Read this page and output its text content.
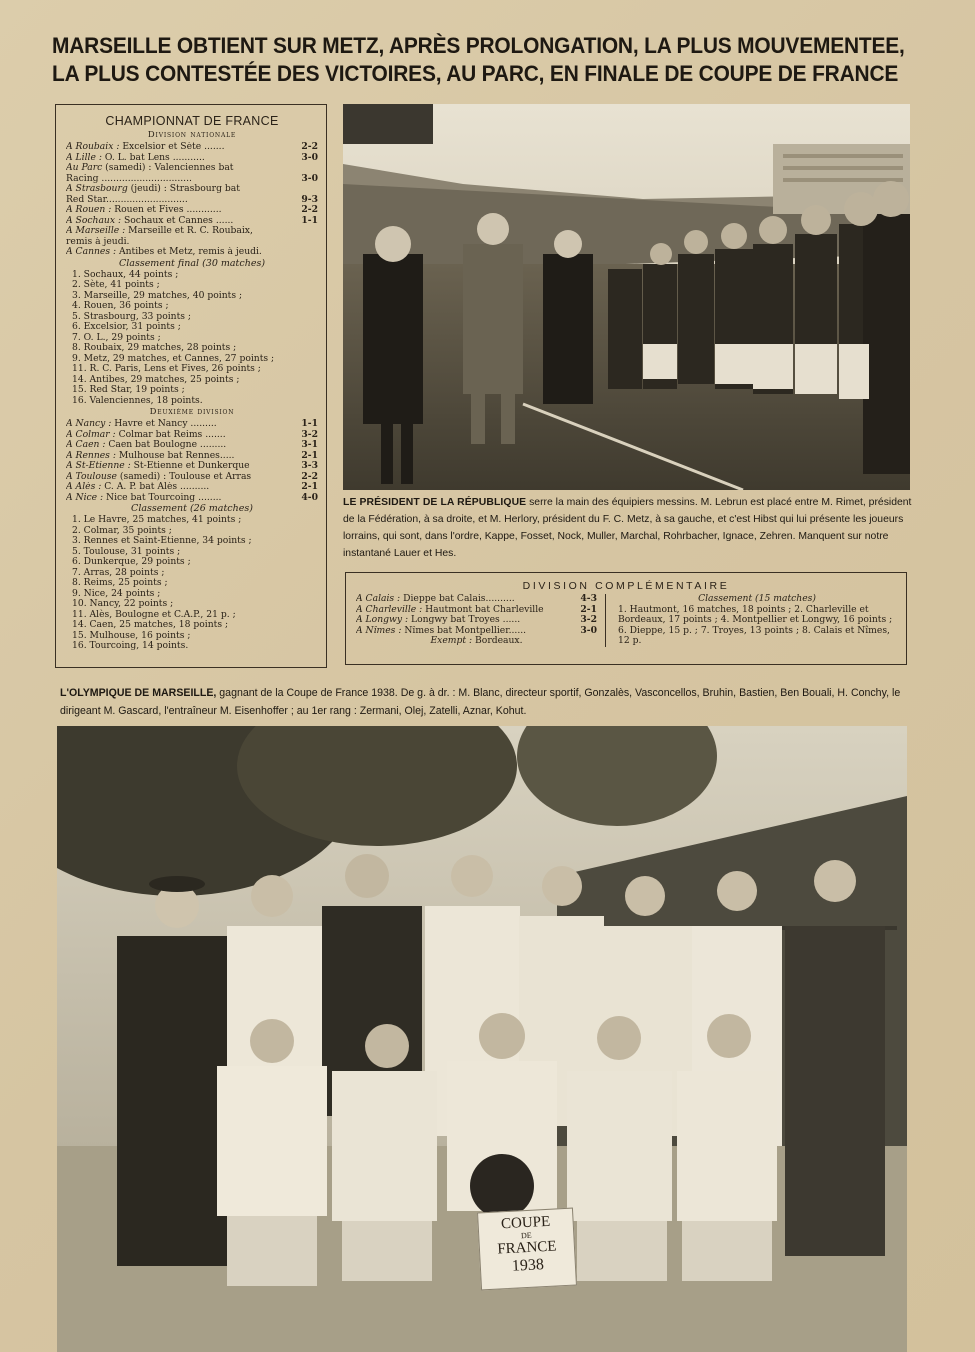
MARSEILLE OBTIENT SUR METZ, APRÈS PROLONGATION, LA PLUS MOUVEMENTEE,
LA PLUS CONTESTÉE DES VICTOIRES, AU PARC, EN FINALE DE COUPE DE FRANCE
CHAMPIONNAT DE FRANCE
Division nationale
A Roubaix : Excelsior et Sète .......	2-2
A Lille : O. L. bat Lens ...........	3-0
Au Parc (samedi) : Valenciennes bat
Racing ...............................	3-0
A Strasbourg (jeudi) : Strasbourg bat
Red Star............................	9-3
A Rouen : Rouen et Fives ............	2-2
A Sochaux : Sochaux et Cannes ......	1-1
A Marseille : Marseille et R. C. Roubaix,
remis à jeudi.
A Cannes : Antibes et Metz, remis à jeudi.
Classement final (30 matches)
1. Sochaux, 44 points ;
2. Sète, 41 points ;
3. Marseille, 29 matches, 40 points ;
4. Rouen, 36 points ;
5. Strasbourg, 33 points ;
6. Excelsior, 31 points ;
7. O. L., 29 points ;
8. Roubaix, 29 matches, 28 points ;
9. Metz, 29 matches, et Cannes, 27 points ;
11. R. C. Paris, Lens et Fives, 26 points ;
14. Antibes, 29 matches, 25 points ;
15. Red Star, 19 points ;
16. Valenciennes, 18 points.
Deuxième division
A Nancy : Havre et Nancy .........	1-1
A Colmar : Colmar bat Reims .......	3-2
A Caen : Caen bat Boulogne .........	3-1
A Rennes : Mulhouse bat Rennes.....	2-1
A St-Etienne : St-Etienne et Dunkerque	3-3
A Toulouse (samedi) : Toulouse et Arras	2-2
A Alès : C. A. P. bat Alès ..........	2-1
A Nice : Nice bat Tourcoing ........	4-0
Classement (26 matches)
1. Le Havre, 25 matches, 41 points ;
2. Colmar, 35 points ;
3. Rennes et Saint-Etienne, 34 points ;
5. Toulouse, 31 points ;
6. Dunkerque, 29 points ;
7. Arras, 28 points ;
8. Reims, 25 points ;
9. Nice, 24 points ;
10. Nancy, 22 points ;
11. Alès, Boulogne et C.A.P., 21 p. ;
14. Caen, 25 matches, 18 points ;
15. Mulhouse, 16 points ;
16. Tourcoing, 14 points.
LE PRÉSIDENT DE LA RÉPUBLIQUE serre la main des équipiers messins. M. Lebrun est placé entre M. Rimet, président de la Fédération, à sa droite, et M. Herlory, président du F. C. Metz, à sa gauche, et c'est Hibst qui lui présente les joueurs lorrains, qui sont, dans l'ordre, Kappe, Fosset, Nock, Muller, Marchal, Rohrbacher, Ignace, Zehren. Manquent sur notre instantané Lauer et Hes.
DIVISION COMPLÉMENTAIRE
A Calais : Dieppe bat Calais..........	4-3
A Charleville : Hautmont bat Charleville	2-1
A Longwy : Longwy bat Troyes ......	3-2
A Nîmes : Nîmes bat Montpellier......	3-0
Exempt : Bordeaux.
Classement (15 matches)
1. Hautmont, 16 matches, 18 points ; 2. Charleville et Bordeaux, 17 points ; 4. Montpellier et Longwy, 16 points ; 6. Dieppe, 15 p. ; 7. Troyes, 13 points ; 8. Calais et Nîmes, 12 p.
L'OLYMPIQUE DE MARSEILLE, gagnant de la Coupe de France 1938. De g. à dr. : M. Blanc, directeur sportif, Gonzalès, Vasconcellos, Bruhin, Bastien, Ben Bouali, H. Conchy, le dirigeant M. Gascard, l'entraîneur M. Eisenhoffer ; au 1er rang : Zermani, Olej, Zatelli, Aznar, Kohut.
COUPE
DE
FRANCE
1938
